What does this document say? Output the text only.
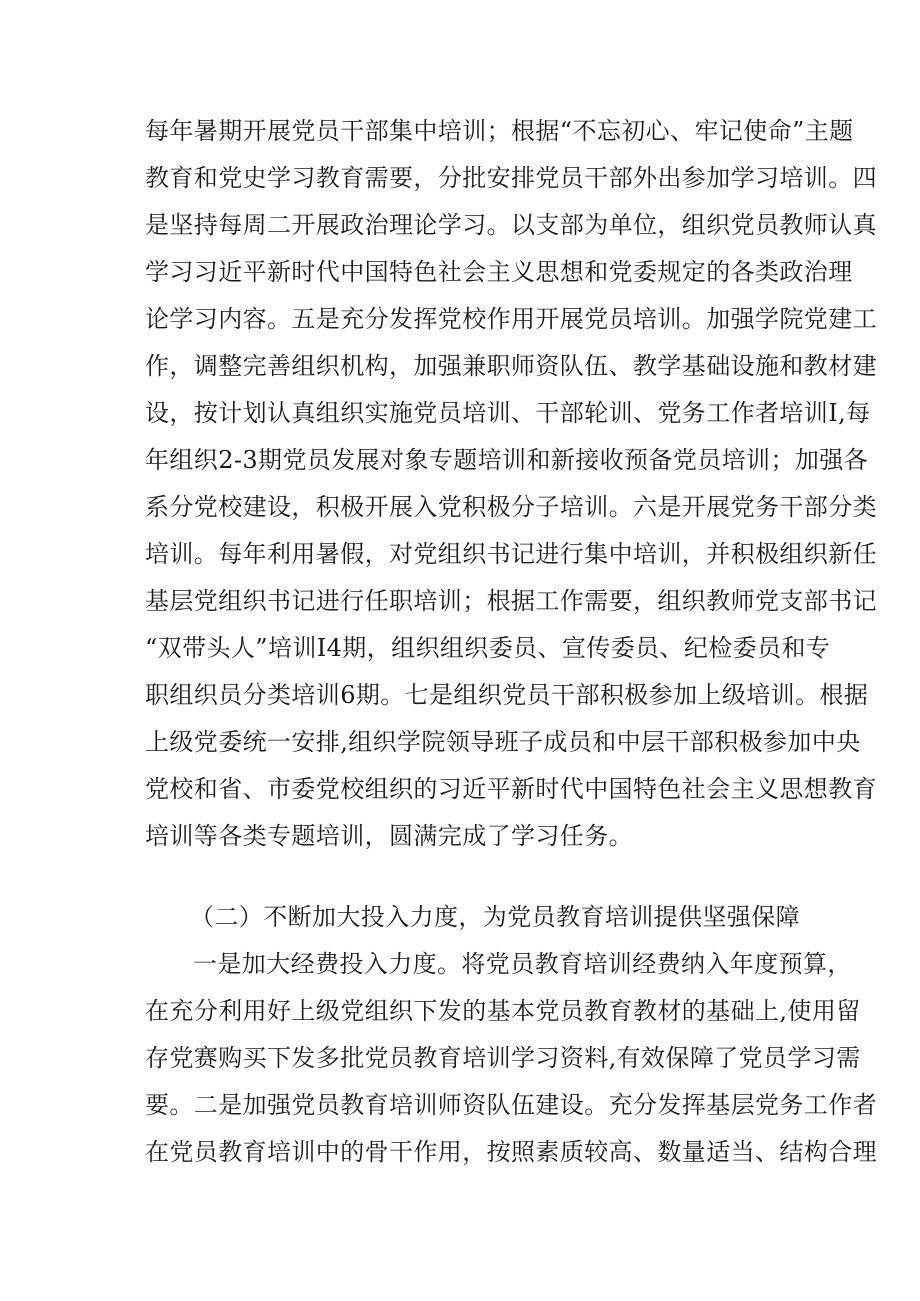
每年暑期开展党员干部集中培训；根据“不忘初心、牢记使命”主题
教育和党史学习教育需要，分批安排党员干部外出参加学习培训。四
是坚持每周二开展政治理论学习。以支部为单位，组织党员教师认真
学习习近平新时代中国特色社会主义思想和党委规定的各类政治理
论学习内容。五是充分发挥党校作用开展党员培训。加强学院党建工
作，调整完善组织机构，加强兼职师资队伍、教学基础设施和教材建
设，按计划认真组织实施党员培训、干部轮训、党务工作者培训I,每
年组织2-3期党员发展对象专题培训和新接收预备党员培训；加强各
系分党校建设，积极开展入党积极分子培训。六是开展党务干部分类
培训。每年利用暑假，对党组织书记进行集中培训，并积极组织新任
基层党组织书记进行任职培训；根据工作需要，组织教师党支部书记
“双带头人”培训I4期，组织组织委员、宣传委员、纪检委员和专
职组织员分类培训6期。七是组织党员干部积极参加上级培训。根据
上级党委统一安排,组织学院领导班子成员和中层干部积极参加中央
党校和省、市委党校组织的习近平新时代中国特色社会主义思想教育
培训等各类专题培训，圆满完成了学习任务。
（二）不断加大投入力度，为党员教育培训提供坚强保障
一是加大经费投入力度。将党员教育培训经费纳入年度预算，
在充分利用好上级党组织下发的基本党员教育教材的基础上,使用留
存党赛购买下发多批党员教育培训学习资料,有效保障了党员学习需
要。二是加强党员教育培训师资队伍建设。充分发挥基层党务工作者
在党员教育培训中的骨干作用，按照素质较高、数量适当、结构合理
